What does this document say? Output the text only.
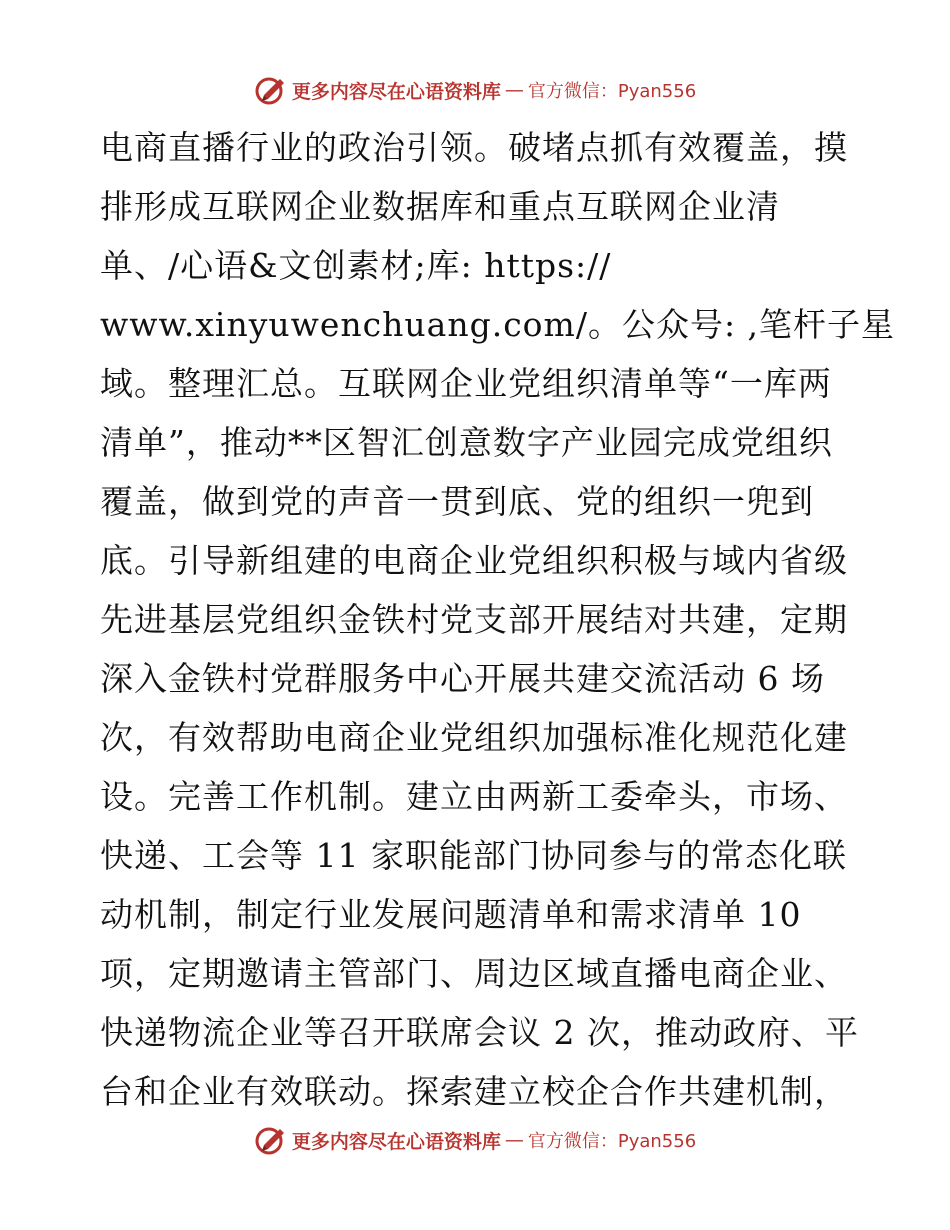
更多内容尽在心语资料库 — 官方微信：Pyan556
电商直播行业的政治引领。破堵点抓有效覆盖，摸
排形成互联网企业数据库和重点互联网企业清
单、/心语&文创素材;库: https://
www.xinyuwenchuang.com/。公众号: ,笔杆子星
域。整理汇总。互联网企业党组织清单等“一库两
清单”，推动**区智汇创意数字产业园完成党组织
覆盖，做到党的声音一贯到底、党的组织一兜到
底。引导新组建的电商企业党组织积极与域内省级
先进基层党组织金铁村党支部开展结对共建，定期
深入金铁村党群服务中心开展共建交流活动 6 场
次，有效帮助电商企业党组织加强标准化规范化建
设。完善工作机制。建立由两新工委牵头，市场、
快递、工会等 11 家职能部门协同参与的常态化联
动机制，制定行业发展问题清单和需求清单 10
项，定期邀请主管部门、周边区域直播电商企业、
快递物流企业等召开联席会议 2 次，推动政府、平
台和企业有效联动。探索建立校企合作共建机制，
更多内容尽在心语资料库 — 官方微信：Pyan556
